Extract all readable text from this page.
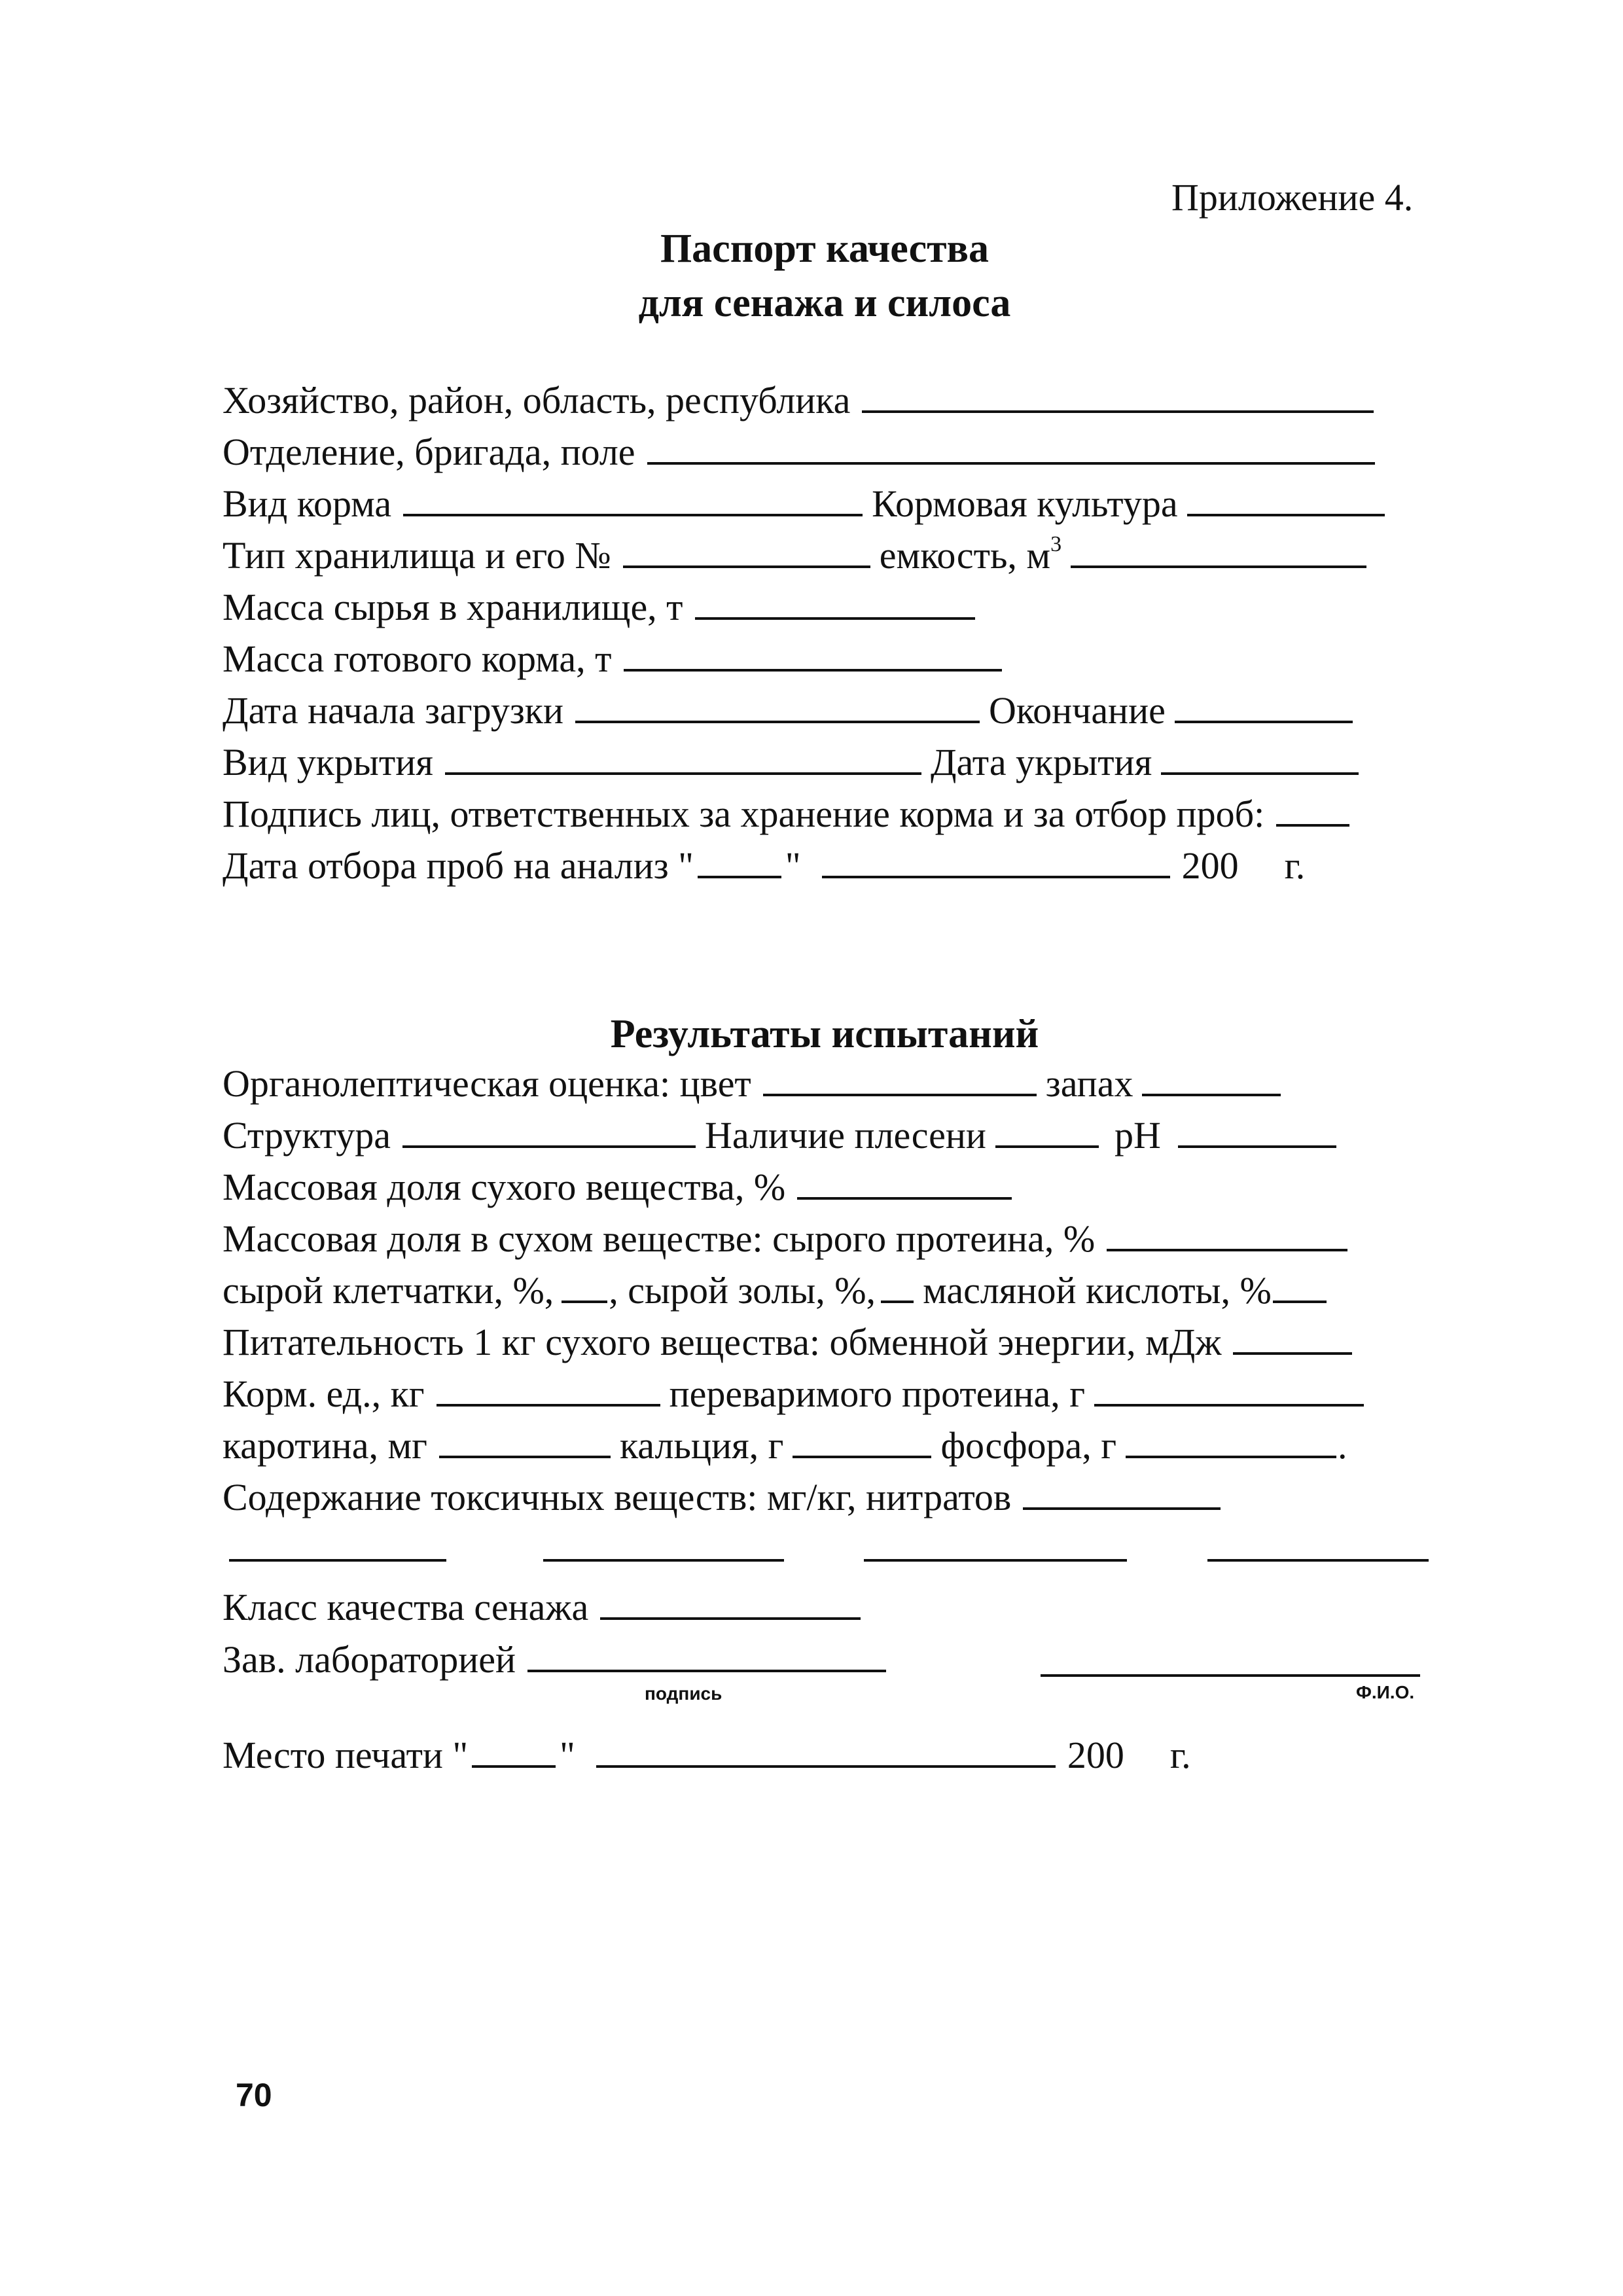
Приложение 4.
Паспорт качества
для сенажа и силоса
Хозяйство, район, область, республика
Отделение, бригада, поле
Вид корма	Кормовая культура
Тип хранилища и его №	емкость, $м^3$
Масса сырья в хранилище, т
Масса готового корма, т
Дата начала загрузки	Окончание
Вид укрытия	Дата укрытия
Подпись лиц, ответственных за хранение корма и за отбор проб:
Дата отбора проб на анализ " "	200 г.
Результаты испытаний
Органолептическая оценка: цвет	запах
Структура	Наличие плесени	pH
Массовая доля сухого вещества, %
Массовая доля в сухом веществе: сырого протеина, %
сырой клетчатки, %, , сырой золы, %, масляной кислоты, %
Питательность 1 кг сухого вещества: обменной энергии, мДж
Корм. ед., кг	переваримого протеина, г
каротина, мг	кальция, г	фосфора, г	.
Содержание токсичных веществ: мг/кг, нитратов
Класс качества сенажа
Зав. лабораторией
подпись	Ф.И.О.
Место печати " "	200 г.
70
